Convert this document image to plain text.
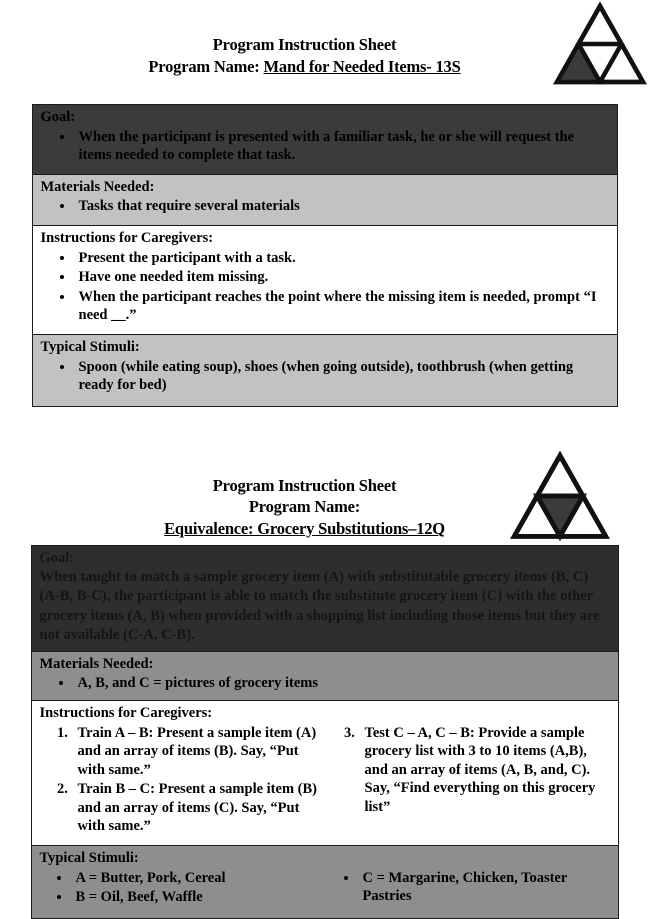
Program Instruction Sheet
Program Name: Mand for Needed Items- 13S
Goal:
• When the participant is presented with a familiar task, he or she will request the items needed to complete that task.
Materials Needed:
• Tasks that require several materials
Instructions for Caregivers:
• Present the participant with a task.
• Have one needed item missing.
• When the participant reaches the point where the missing item is needed, prompt “I need __.”
Typical Stimuli:
• Spoon (while eating soup), shoes (when going outside), toothbrush (when getting ready for bed)
Program Instruction Sheet
Program Name:
Equivalence: Grocery Substitutions–12Q
Goal:

When taught to match a sample grocery item (A) with substitutable grocery items (B, C) (A-B, B-C), the participant is able to match the substitute grocery item (C) with the other grocery items (A, B) when provided with a shopping list including those items but they are not available (C-A, C-B).

Materials Needed:
• A, B, and C = pictures of grocery items
Instructions for Caregivers:
1. Train A – B: Present a sample item (A) and an array of items (B). Say, “Put with same.”
2. Train B – C: Present a sample item (B) and an array of items (C). Say, “Put with same.”
3. Test C – A, C – B: Provide a sample grocery list with 3 to 10 items (A,B), and an array of items (A, B, and, C). Say, “Find everything on this grocery list”
Typical Stimuli:
• A = Butter, Pork, Cereal
• B = Oil, Beef, Waffle
• C = Margarine, Chicken, Toaster Pastries
